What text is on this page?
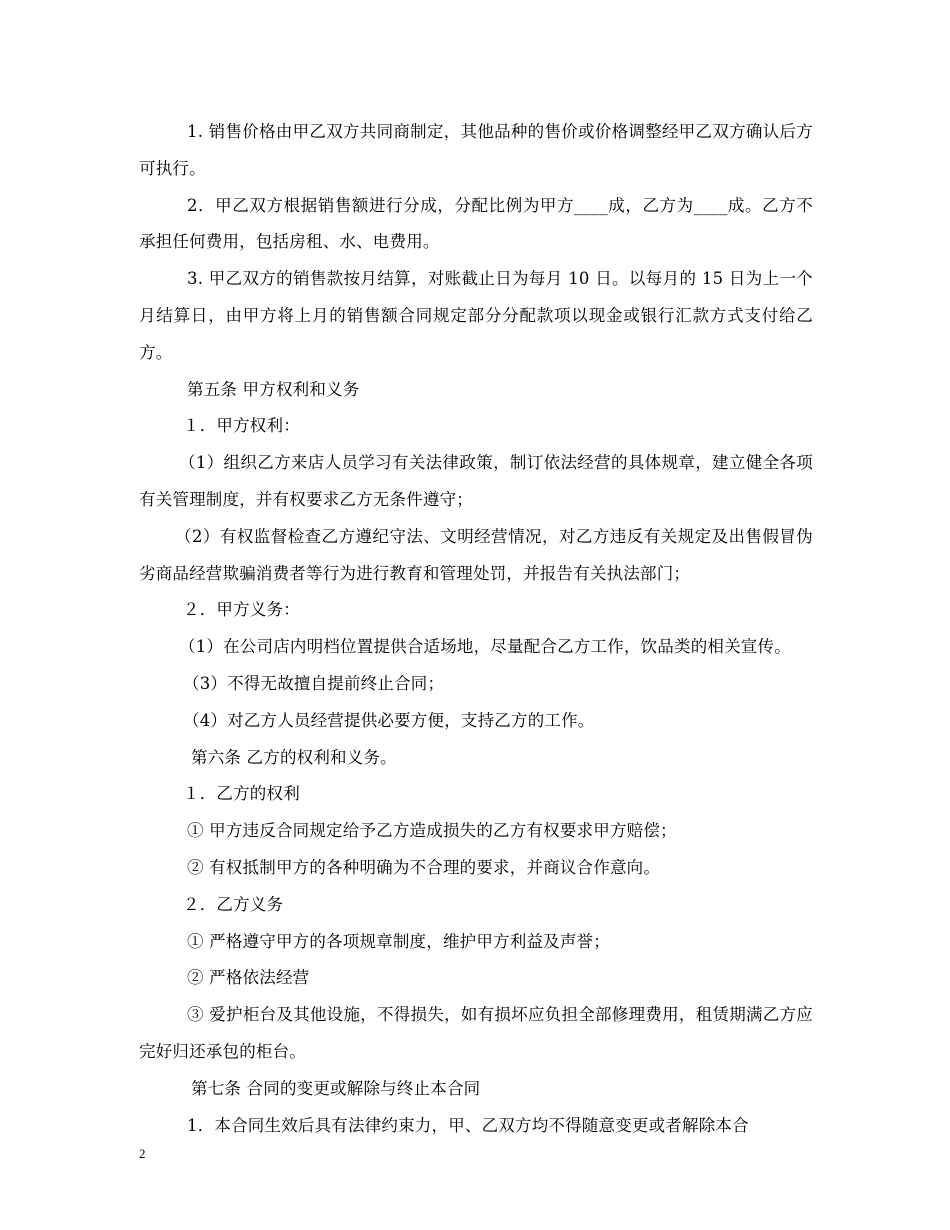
1. 销售价格由甲乙双方共同商制定，其他品种的售价或价格调整经甲乙双方确认后方可执行。

2．甲乙双方根据销售额进行分成，分配比例为甲方____成，乙方为____成。乙方不承担任何费用，包括房租、水、电费用。

3. 甲乙双方的销售款按月结算，对账截止日为每月 10 日。以每月的 15 日为上一个月结算日，由甲方将上月的销售额合同规定部分分配款项以现金或银行汇款方式支付给乙方。

第五条 甲方权利和义务

１．甲方权利：

（1）组织乙方来店人员学习有关法律政策，制订依法经营的具体规章，建立健全各项有关管理制度，并有权要求乙方无条件遵守；

（2）有权监督检查乙方遵纪守法、文明经营情况，对乙方违反有关规定及出售假冒伪劣商品经营欺骗消费者等行为进行教育和管理处罚，并报告有关执法部门；

２．甲方义务：

（1）在公司店内明档位置提供合适场地，尽量配合乙方工作，饮品类的相关宣传。

（3）不得无故擅自提前终止合同；

（4）对乙方人员经营提供必要方便，支持乙方的工作。

第六条 乙方的权利和义务。

１．乙方的权利

① 甲方违反合同规定给予乙方造成损失的乙方有权要求甲方赔偿；

② 有权抵制甲方的各种明确为不合理的要求，并商议合作意向。

２．乙方义务

① 严格遵守甲方的各项规章制度，维护甲方利益及声誉；

② 严格依法经营

③ 爱护柜台及其他设施，不得损失，如有损坏应负担全部修理费用，租赁期满乙方应完好归还承包的柜台。

第七条 合同的变更或解除与终止本合同

1．本合同生效后具有法律约束力，甲、乙双方均不得随意变更或者解除本合

2
